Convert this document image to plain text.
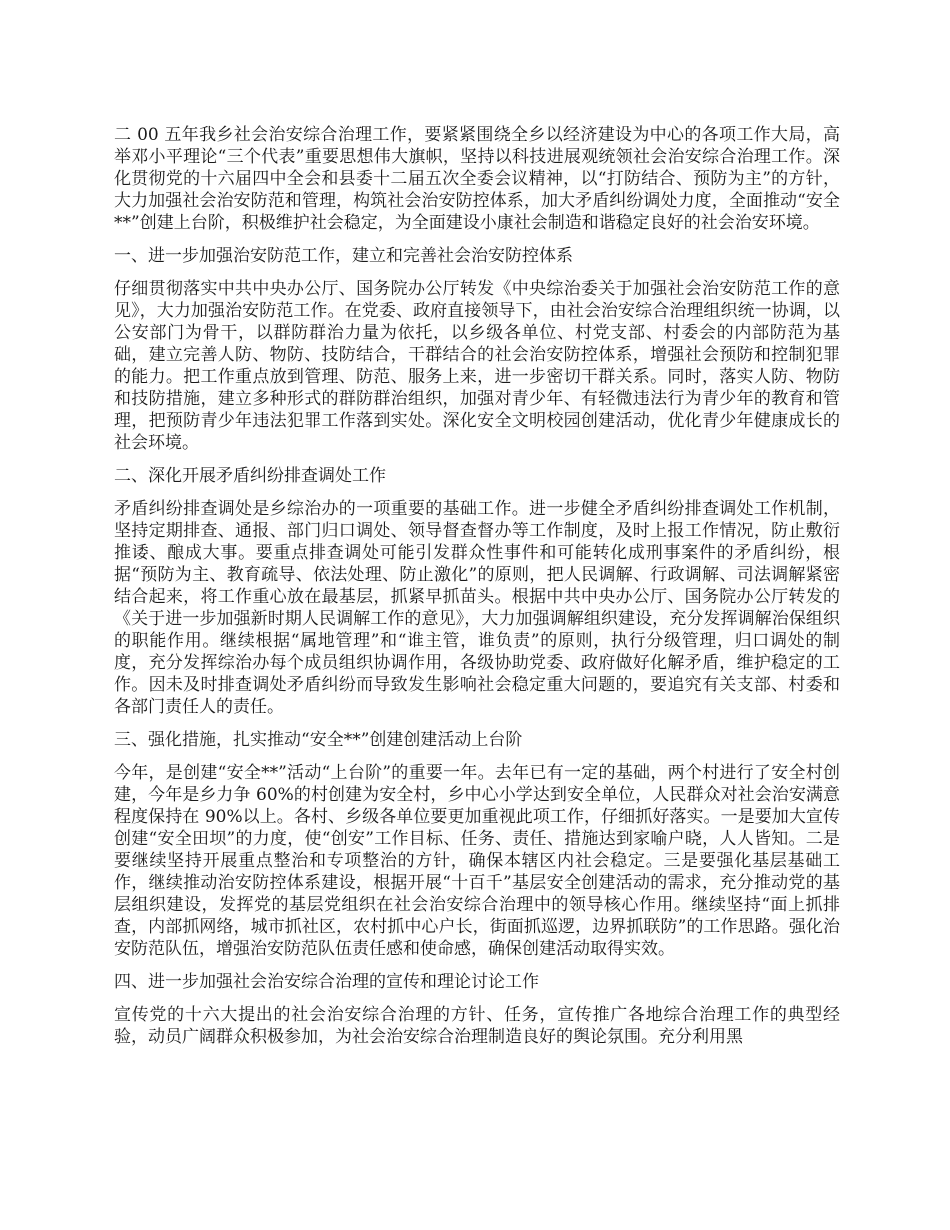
二 00 五年我乡社会治安综合治理工作，要紧紧围绕全乡以经济建设为中心的各项工作大局，高举邓小平理论“三个代表”重要思想伟大旗帜，坚持以科技进展观统领社会治安综合治理工作。深化贯彻党的十六届四中全会和县委十二届五次全委会议精神，以“打防结合、预防为主”的方针，大力加强社会治安防范和管理，构筑社会治安防控体系，加大矛盾纠纷调处力度，全面推动“安全**”创建上台阶，积极维护社会稳定，为全面建设小康社会制造和谐稳定良好的社会治安环境。

一、进一步加强治安防范工作，建立和完善社会治安防控体系

仔细贯彻落实中共中央办公厅、国务院办公厅转发《中央综治委关于加强社会治安防范工作的意见》，大力加强治安防范工作。在党委、政府直接领导下，由社会治安综合治理组织统一协调，以公安部门为骨干，以群防群治力量为依托，以乡级各单位、村党支部、村委会的内部防范为基础，建立完善人防、物防、技防结合，干群结合的社会治安防控体系，增强社会预防和控制犯罪的能力。把工作重点放到管理、防范、服务上来，进一步密切干群关系。同时，落实人防、物防和技防措施，建立多种形式的群防群治组织，加强对青少年、有轻微违法行为青少年的教育和管理，把预防青少年违法犯罪工作落到实处。深化安全文明校园创建活动，优化青少年健康成长的社会环境。

二、深化开展矛盾纠纷排查调处工作

矛盾纠纷排查调处是乡综治办的一项重要的基础工作。进一步健全矛盾纠纷排查调处工作机制，坚持定期排查、通报、部门归口调处、领导督查督办等工作制度，及时上报工作情况，防止敷衍推诿、酿成大事。要重点排查调处可能引发群众性事件和可能转化成刑事案件的矛盾纠纷，根据“预防为主、教育疏导、依法处理、防止激化”的原则，把人民调解、行政调解、司法调解紧密结合起来，将工作重心放在最基层，抓紧早抓苗头。根据中共中央办公厅、国务院办公厅转发的《关于进一步加强新时期人民调解工作的意见》，大力加强调解组织建设，充分发挥调解治保组织的职能作用。继续根据“属地管理”和“谁主管，谁负责”的原则，执行分级管理，归口调处的制度，充分发挥综治办每个成员组织协调作用，各级协助党委、政府做好化解矛盾，维护稳定的工作。因未及时排查调处矛盾纠纷而导致发生影响社会稳定重大问题的，要追究有关支部、村委和各部门责任人的责任。

三、强化措施，扎实推动“安全**”创建创建活动上台阶

今年，是创建“安全**”活动“上台阶”的重要一年。去年已有一定的基础，两个村进行了安全村创建，今年是乡力争 60%的村创建为安全村，乡中心小学达到安全单位，人民群众对社会治安满意程度保持在 90%以上。各村、乡级各单位要更加重视此项工作，仔细抓好落实。一是要加大宣传创建“安全田坝”的力度，使“创安”工作目标、任务、责任、措施达到家喻户晓，人人皆知。二是要继续坚持开展重点整治和专项整治的方针，确保本辖区内社会稳定。三是要强化基层基础工作，继续推动治安防控体系建设，根据开展“十百千”基层安全创建活动的需求，充分推动党的基层组织建设，发挥党的基层党组织在社会治安综合治理中的领导核心作用。继续坚持“面上抓排查，内部抓网络，城市抓社区，农村抓中心户长，街面抓巡逻，边界抓联防”的工作思路。强化治安防范队伍，增强治安防范队伍责任感和使命感，确保创建活动取得实效。

四、进一步加强社会治安综合治理的宣传和理论讨论工作

宣传党的十六大提出的社会治安综合治理的方针、任务，宣传推广各地综合治理工作的典型经验，动员广阔群众积极参加，为社会治安综合治理制造良好的舆论氛围。充分利用黑
